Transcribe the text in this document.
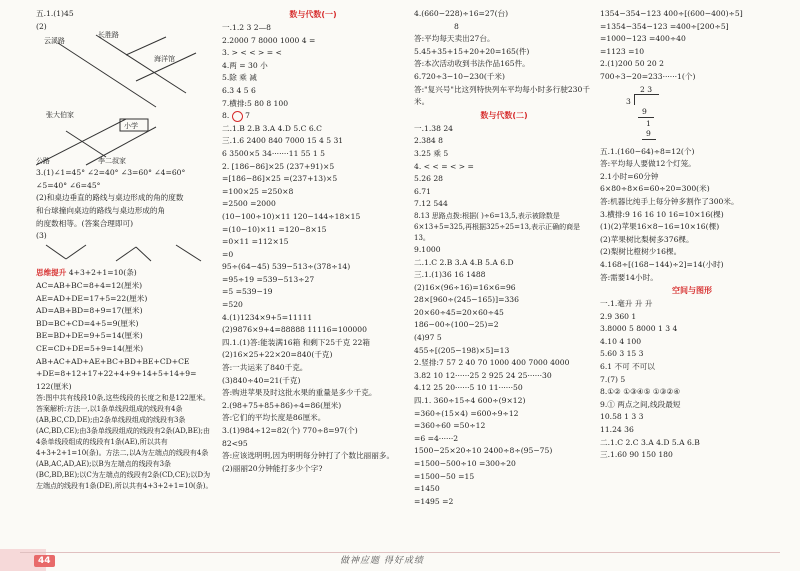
五.1.(1)45
(2)
云溪路
长胜路
海洋馆
张大伯家
小学
公路	李二叔家
3.(1)∠1=45° ∠2=40° ∠3=60° ∠4=60°
∠5=40° ∠6=45°
(2)和桌边垂直的路线与桌边形成的角的度数
和台球撞向桌边的路线与桌边形成的角
的度数相等。(答案合理即可)
(3)
思维提升 4+3+2+1=10(条)
AC=AB+BC=8+4=12(厘米)
AE=AD+DE=17+5=22(厘米)
AD=AB+BD=8+9=17(厘米)
BD=BC+CD=4+5=9(厘米)
BE=BD+DE=9+5=14(厘米)
CE=CD+DE=5+9=14(厘米)
AB+AC+AD+AE+BC+BD+BE+CD+CE
+DE=8+12+17+22+4+9+14+5+14+9=
122(厘米)
答:图中共有线段10条,这些线段的长度之和是122厘米。 答案解析:方法一,以1条单线段组成的线段有4条(AB,BC,CD,DE);由2条单线段组成的线段有3条(AC,BD,CE);由3条单线段组成的线段有2条(AD,BE);由4条单线段组成的线段有1条(AE),所以共有4+3+2+1=10(条)。方法二,以A为左端点的线段有4条(AB,AC,AD,AE);以B为左端点的线段有3条(BC,BD,BE);以C为左端点的线段有2条(CD,CE);以D为左端点的线段有1条(DE),所以共有4+3+2+1=10(条)。
数与代数(一)
一.1.2 3 2—8
2.2000 7 8000 1000 4 =
3. > < < > = <
4.两 = 30 小
5.除 乘 减
6.3 4 5 6
7.横排:5 80 8 100
8.  7
二.1.B 2.B 3.A 4.D 5.C 6.C
三.1.6 2400 840 7000 15 4 5 31
6 3500×5 34·······11 55 1 5
2. [186−86]×25 (237+91)×5
=[186−86]×25 =(237+13)×5
=100×25 =250×8
=2500 =2000
(10−100÷10)×11 120−144÷18×15
=(10−10)×11 =120−8×15
=0×11 =112×15
=0
95÷(64−45) 539−513÷(378÷14)
=95÷19 =539−513÷27
=5 =539−19
=520
4.(1)1234×9+5=11111
(2)9876×9+4=88888 11116=100000
四.1.(1)答:能装满16箱 和剩下25千克 22箱
(2)16×25+22×20=840(千克)
答:一共运来了840千克。
(3)840÷40=21(千克)
答:购进苹果及时这批水果的重量是多少千克。
2.(98+75+85+86)÷4=86(厘米)
答:它们的平均长度是86厘米。
3.(1)984÷12=82(个) 770÷8=97(个)
82<95
答:应该选明明,因为明明每分钟打了个数比丽丽多。
(2)丽丽20分钟能打多少个字?
4.(660−228)÷16=27(台)
8
答:平均每天卖出27台。
5.45+35+15+20+20=165(件)
答:本次活动收到书法作品165件。
6.720÷3−10−230(千米)
答:"复兴号"比这列特快列车平均每小时多行驶230千米。
数与代数(二)
一.1.38 24
2.384 8
3.25 乘 5
4. < < = < > =
5.26 28
6.71
7.12 544
8.13 思路点拨:根据( )÷6=13,5,表示被除数是6×13+5=325,再根据325÷25=13,表示正确的商是13。
9.1000
二.1.C 2.B 3.A 4.B 5.A 6.D
三.1.(1)36 16 1488
(2)16×(96÷16)=16×6=96
28×[960÷(245−165)]=336
20×60÷45=20×60÷45
186−00÷(100−25)=2
(4)97 5
455÷[(205−198)×5]=13
2.竖排:7 57 2 40 70 1000 400 7000 4000
3.82 10 12······25 2 925 24 25······30
4.12 25 20······5 10 11······50
四.1. 360÷15÷4 600÷(9×12)
=360÷(15×4) =600÷9÷12
=360÷60 =50÷12
=6 =4······2
1500−25×20÷10 2400÷8÷(95−75)
=1500−500÷10 =300÷20
=1500−50 =15
=1450
=1495 =2
1354−354−123 400÷[(600−400)÷5]
=1354−354−123 =400÷[200÷5]
=1000−123 =400÷40
=1123 =10
2.(1)200 50 20 2
700÷3−20=233······1(个)
2 3
3
9
1
9
五.1.(160−64)÷8=12(个)
答:平均每人要做12个灯笼。
2.1小时=60分钟
6×80÷8×6=60÷20=300(米)
答:机器比纯手上每分钟多割作了300米。
3.横排:9 16 16 10 16=10×16(棵)
(1)(2)苹果16×8−16=10×16(棵)
(2)苹果树比梨树多376棵。
(2)梨树比橙树少16棵。
4.168÷[(168−144)÷2]=14(小时)
答:需要14小时。
空间与图形
一.1.毫升 升 升
2.9 360 1
3.8000 5 8000 1 3 4
4.10 4 100
5.60 3 15 3
6.1 不可 不可以
7.(7) 5
8.①② ①③④⑤ ①③②④
9.① 两点之间,线段最短
10.58 1 3 3
11.24 36
二.1.C 2.C 3.A 4.D 5.A 6.B
三.1.60 90 150 180
44	做神应题 得好成绩
